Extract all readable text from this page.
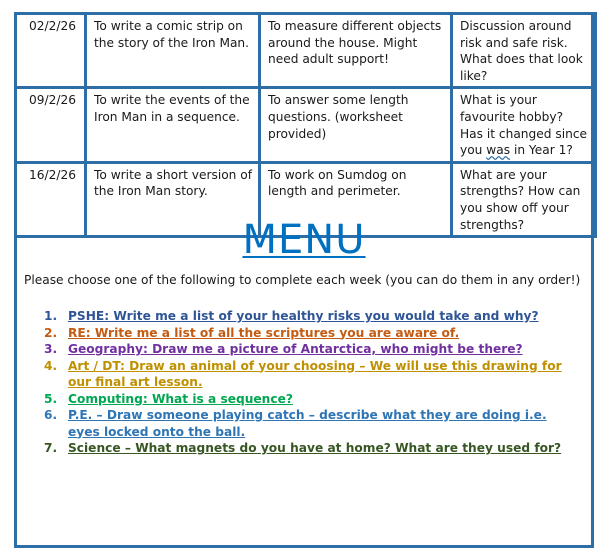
02/2/26	To write a comic strip on the story of the Iron Man.	To measure different objects around the house. Might need adult support!	Discussion around risk and safe risk. What does that look like?
09/2/26	To write the events of the Iron Man in a sequence.	To answer some length questions. (worksheet provided)	What is your favourite hobby? Has it changed since you was in Year 1?
16/2/26	To write a short version of the Iron Man story.	To work on Sumdog on length and perimeter.	What are your strengths? How can you show off your strengths?
MENU
Please choose one of the following to complete each week (you can do them in any order!)
1. PSHE: Write me a list of your healthy risks you would take and why?
2. RE: Write me a list of all the scriptures you are aware of.
3. Geography: Draw me a picture of Antarctica, who might be there?
4. Art / DT: Draw an animal of your choosing – We will use this drawing for our final art lesson.
5. Computing: What is a sequence?
6. P.E. – Draw someone playing catch – describe what they are doing i.e. eyes locked onto the ball.
7. Science – What magnets do you have at home? What are they used for?
